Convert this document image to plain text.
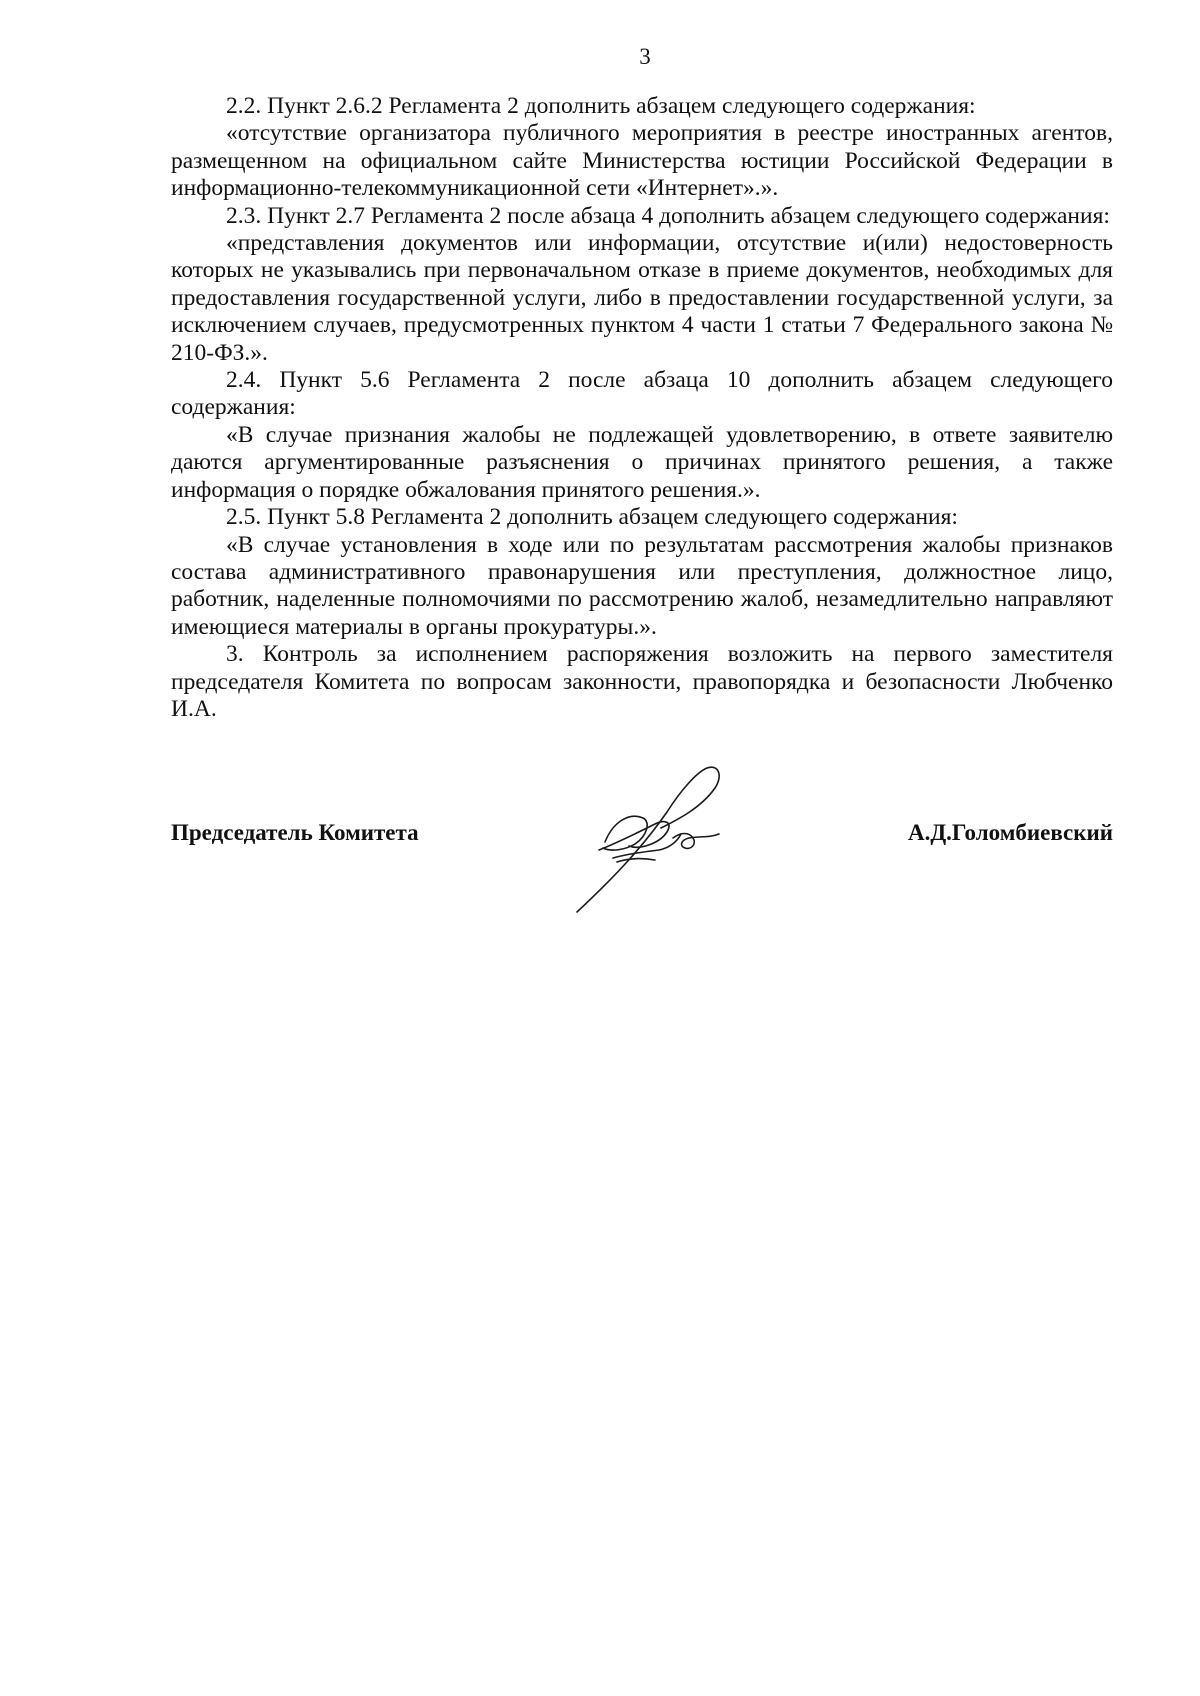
3

2.2. Пункт 2.6.2 Регламента 2 дополнить абзацем следующего содержания:

«отсутствие организатора публичного мероприятия в реестре иностранных агентов, размещенном на официальном сайте Министерства юстиции Российской Федерации в информационно-телекоммуникационной сети «Интернет».».

2.3. Пункт 2.7 Регламента 2 после абзаца 4 дополнить абзацем следующего содержания:

«представления документов или информации, отсутствие и(или) недостоверность которых не указывались при первоначальном отказе в приеме документов, необходимых для предоставления государственной услуги, либо в предоставлении государственной услуги, за исключением случаев, предусмотренных пунктом 4 части 1 статьи 7 Федерального закона № 210-ФЗ.».

2.4. Пункт 5.6 Регламента 2 после абзаца 10 дополнить абзацем следующего содержания:

«В случае признания жалобы не подлежащей удовлетворению, в ответе заявителю даются аргументированные разъяснения о причинах принятого решения, а также информация о порядке обжалования принятого решения.».

2.5. Пункт 5.8 Регламента 2 дополнить абзацем следующего содержания:

«В случае установления в ходе или по результатам рассмотрения жалобы признаков состава административного правонарушения или преступления, должностное лицо, работник, наделенные полномочиями по рассмотрению жалоб, незамедлительно направляют имеющиеся материалы в органы прокуратуры.».

3. Контроль за исполнением распоряжения возложить на первого заместителя председателя Комитета по вопросам законности, правопорядка и безопасности Любченко И.А.

Председатель Комитета	А.Д.Голомбиевский
